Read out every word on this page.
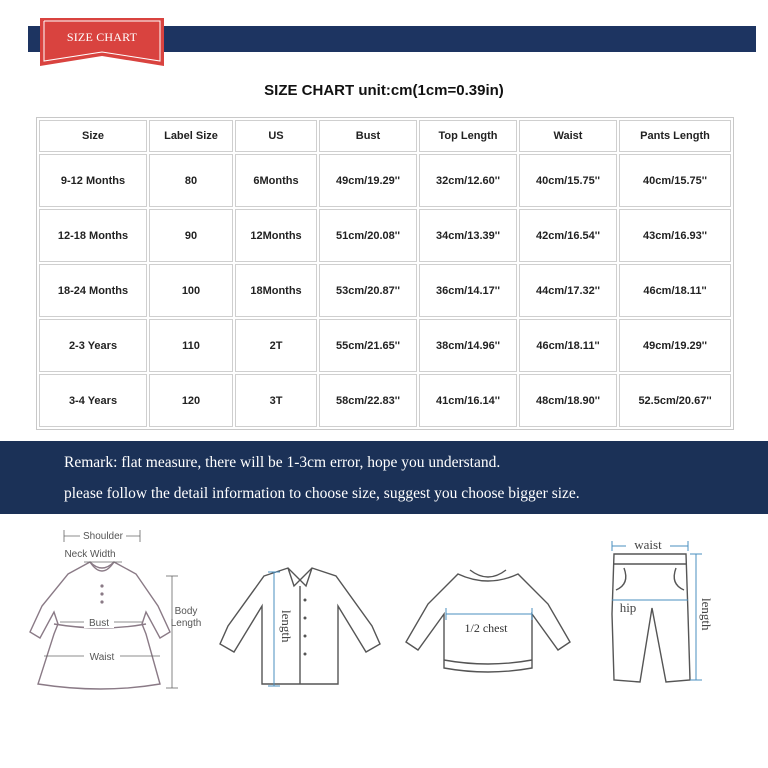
SIZE CHART
SIZE CHART unit:cm(1cm=0.39in)
Size	Label Size	US	Bust	Top Length	Waist	Pants Length
9-12 Months	80	6Months	49cm/19.29''	32cm/12.60''	40cm/15.75''	40cm/15.75''
12-18 Months	90	12Months	51cm/20.08''	34cm/13.39''	42cm/16.54''	43cm/16.93''
18-24 Months	100	18Months	53cm/20.87''	36cm/14.17''	44cm/17.32''	46cm/18.11''
2-3 Years	110	2T	55cm/21.65''	38cm/14.96''	46cm/18.11''	49cm/19.29''
3-4 Years	120	3T	58cm/22.83''	41cm/16.14''	48cm/18.90''	52.5cm/20.67''
Remark: flat measure, there will be 1-3cm error, hope you understand.
please follow the detail information to choose size, suggest you choose bigger size.
Shoulder
Neck Width
Bust
Waist
Body
Length	length	1/2 chest
waist
hip	length
